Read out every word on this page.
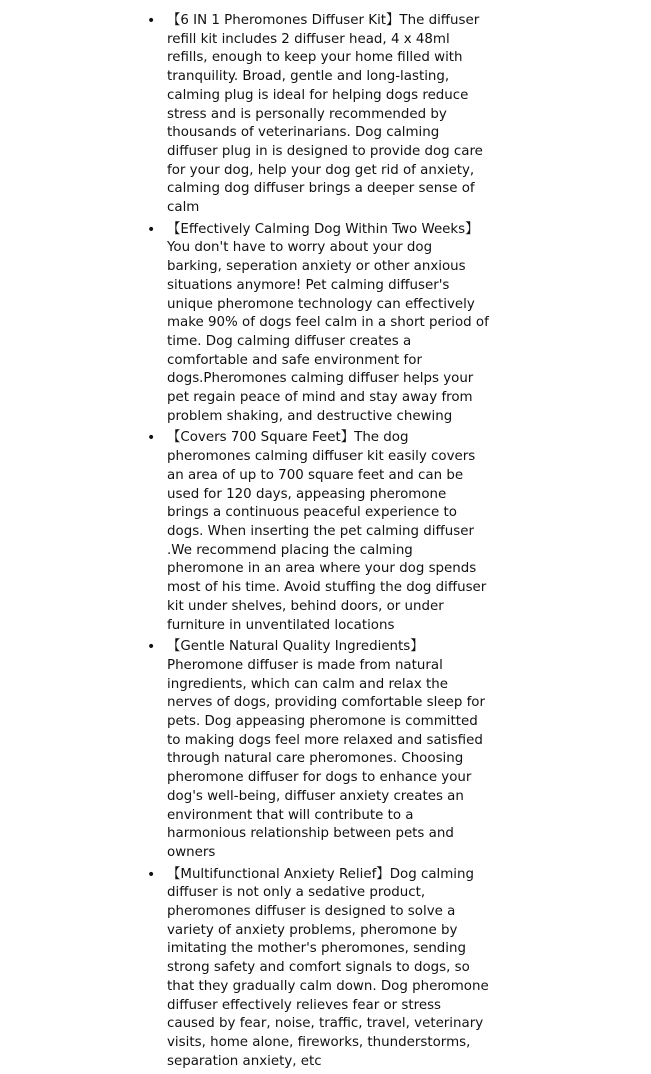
• 【6 IN 1 Pheromones Diffuser Kit】The diffuser refill kit includes 2 diffuser head, 4 x 48ml refills, enough to keep your home filled with tranquility. Broad, gentle and long-lasting, calming plug is ideal for helping dogs reduce stress and is personally recommended by thousands of veterinarians. Dog calming diffuser plug in is designed to provide dog care for your dog, help your dog get rid of anxiety, calming dog diffuser brings a deeper sense of calm
• 【Effectively Calming Dog Within Two Weeks】You don't have to worry about your dog barking, seperation anxiety or other anxious situations anymore! Pet calming diffuser's unique pheromone technology can effectively make 90% of dogs feel calm in a short period of time. Dog calming diffuser creates a comfortable and safe environment for dogs.Pheromones calming diffuser helps your pet regain peace of mind and stay away from problem shaking, and destructive chewing
• 【Covers 700 Square Feet】The dog pheromones calming diffuser kit easily covers an area of up to 700 square feet and can be used for 120 days, appeasing pheromone brings a continuous peaceful experience to dogs. When inserting the pet calming diffuser .We recommend placing the calming pheromone in an area where your dog spends most of his time. Avoid stuffing the dog diffuser kit under shelves, behind doors, or under furniture in unventilated locations
• 【Gentle Natural Quality Ingredients】Pheromone diffuser is made from natural ingredients, which can calm and relax the nerves of dogs, providing comfortable sleep for pets. Dog appeasing pheromone is committed to making dogs feel more relaxed and satisfied through natural care pheromones. Choosing pheromone diffuser for dogs to enhance your dog's well-being, diffuser anxiety creates an environment that will contribute to a harmonious relationship between pets and owners
• 【Multifunctional Anxiety Relief】Dog calming diffuser is not only a sedative product, pheromones diffuser is designed to solve a variety of anxiety problems, pheromone by imitating the mother's pheromones, sending strong safety and comfort signals to dogs, so that they gradually calm down. Dog pheromone diffuser effectively relieves fear or stress caused by fear, noise, traffic, travel, veterinary visits, home alone, fireworks, thunderstorms, separation anxiety, etc
